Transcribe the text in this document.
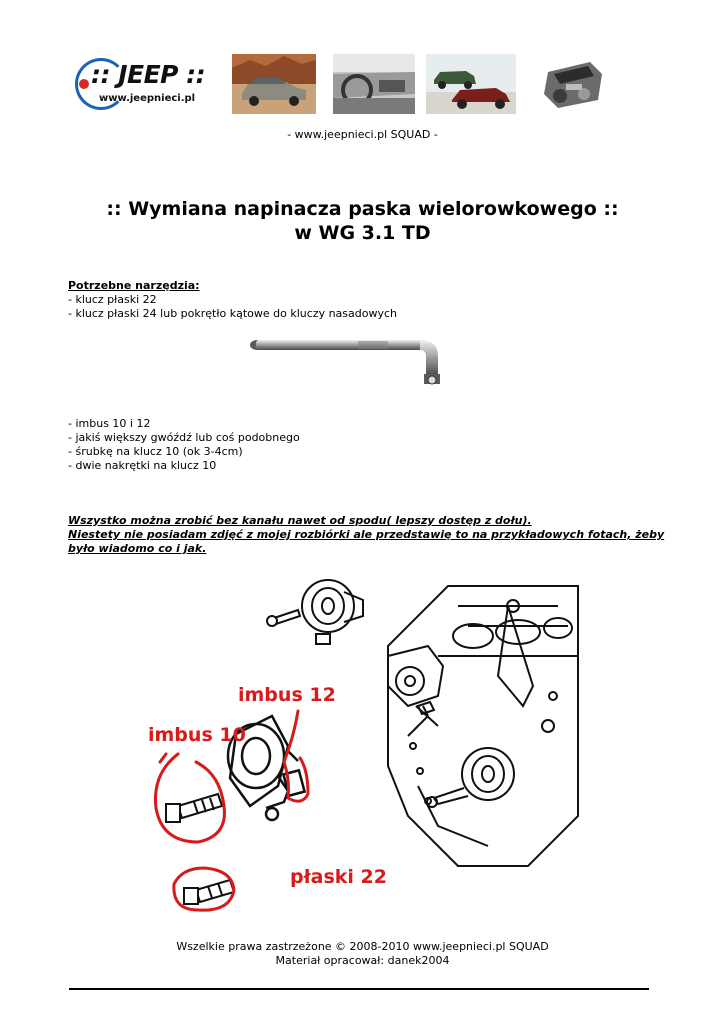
:: JEEP ::
www.jeepnieci.pl
- www.jeepnieci.pl SQUAD -
:: Wymiana napinacza paska wielorowkowego ::
w WG 3.1 TD
Potrzebne narzędzia:
- klucz płaski 22
- klucz płaski 24 lub pokrętło kątowe do kluczy nasadowych
- imbus 10 i 12
- jakiś większy gwóźdź lub coś podobnego
- śrubkę na klucz 10 (ok 3-4cm)
- dwie nakrętki na klucz 10
Wszystko można zrobić bez kanału nawet od spodu( lepszy dostęp z dołu).
Niestety nie posiadam zdjęć z mojej rozbiórki ale przedstawię to na przykładowych fotach, żeby
było wiadomo co i jak.
imbus 12
imbus 10
płaski 22
Wszelkie prawa zastrzeżone © 2008-2010 www.jeepnieci.pl SQUAD
Materiał opracował: danek2004
